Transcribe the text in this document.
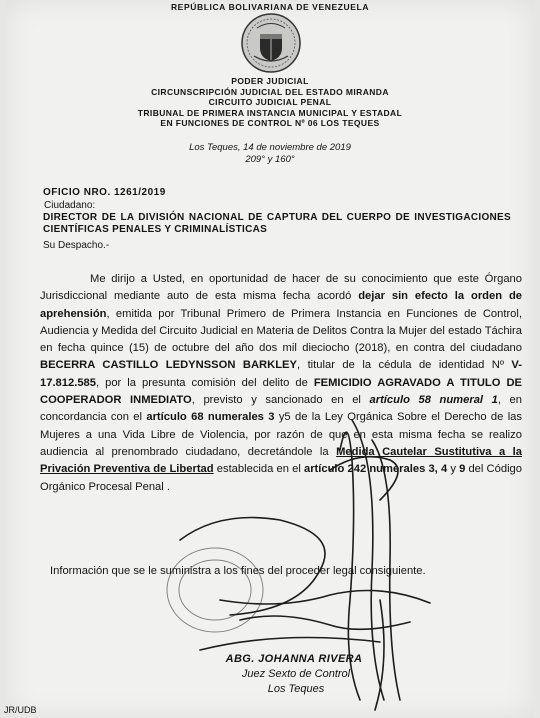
REPÚBLICA BOLIVARIANA DE VENEZUELA
PODER JUDICIAL
CIRCUNSCRIPCIÓN JUDICIAL DEL ESTADO MIRANDA
CIRCUITO JUDICIAL PENAL
TRIBUNAL DE PRIMERA INSTANCIA MUNICIPAL Y ESTADAL
EN FUNCIONES DE CONTROL Nº 06 LOS TEQUES
Los Teques, 14 de noviembre de 2019
209° y 160°
OFICIO NRO. 1261/2019
Ciudadano:
DIRECTOR DE LA DIVISIÓN NACIONAL DE CAPTURA DEL CUERPO DE INVESTIGACIONES CIENTÍFICAS PENALES Y CRIMINALÍSTICAS
Su Despacho.-
Me dirijo a Usted, en oportunidad de hacer de su conocimiento que este Órgano Jurisdiccional mediante auto de esta misma fecha acordó dejar sin efecto la orden de aprehensión, emitida por Tribunal Primero de Primera Instancia en Funciones de Control, Audiencia y Medida del Circuito Judicial en Materia de Delitos Contra la Mujer del estado Táchira en fecha quince (15) de octubre del año dos mil dieciocho (2018), en contra del ciudadano BECERRA CASTILLO LEDYNSSON BARKLEY, titular de la cédula de identidad Nº V-17.812.585, por la presunta comisión del delito de FEMICIDIO AGRAVADO A TITULO DE COOPERADOR INMEDIATO, previsto y sancionado en el artículo 58 numeral 1, en concordancia con el artículo 68 numerales 3 y5 de la Ley Orgánica Sobre el Derecho de las Mujeres a una Vida Libre de Violencia, por razón de que en esta misma fecha se realizo audiencia al prenombrado ciudadano, decretándole la Medida Cautelar Sustitutiva a la Privación Preventiva de Libertad establecida en el artículo 242 numerales 3, 4 y 9 del Código Orgánico Procesal Penal .
Información que se le suministra a los fines del proceder legal consiguiente.
ABG. JOHANNA RIVERA
Juez Sexto de Control
Los Teques
JR/UDB
